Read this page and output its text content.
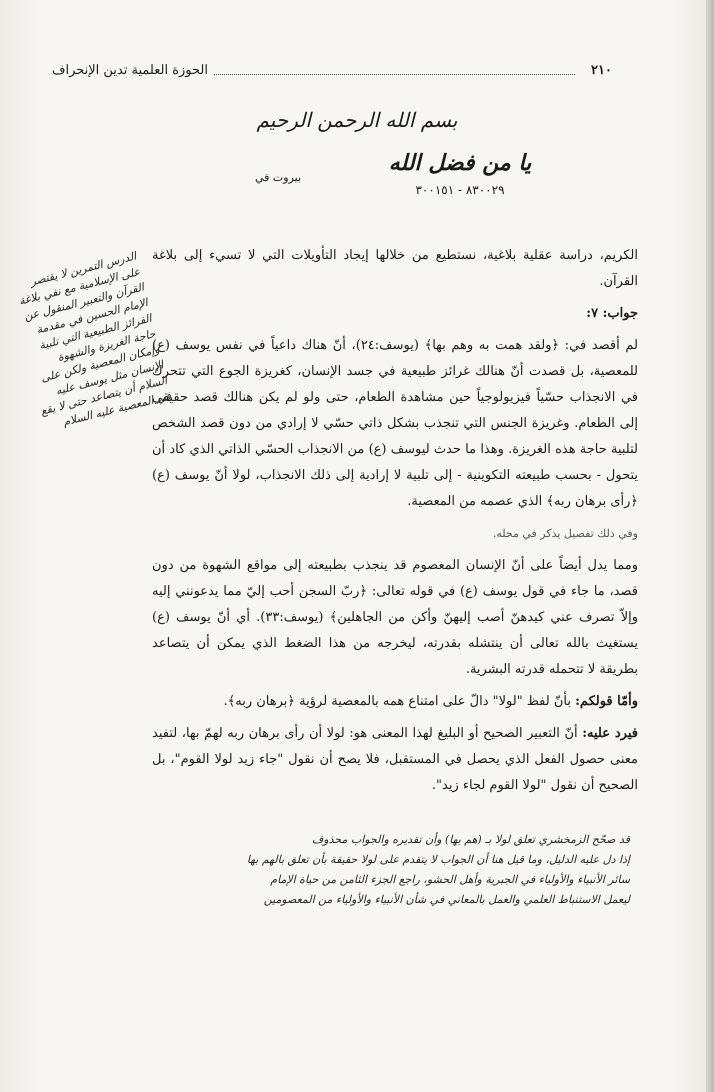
٢١٠
الحوزة العلمية تدين الإنحراف
بسم الله الرحمن الرحيم
يا من فضل الله
بيروت في
٨٣٠٠٢٩ - ٣٠٠١٥١

الكريم، دراسة عقلية بلاغية، نستطيع من خلالها إيجاد التأويلات التي لا تسيء إلى بلاغة القرآن.

جواب: ٧:

لم أقصد في: ﴿ولقد همت به وهم بها﴾ (يوسف:٢٤)، أنّ هناك داعياً في نفس يوسف (ع) للمعصية، بل قصدت أنّ هنالك غرائز طبيعية في جسد الإنسان، كغريزة الجوع التي تتحرك في الانجذاب حسّياً فيزيولوجياً حين مشاهدة الطعام، حتى ولو لم يكن هنالك قصد حقيقي إلى الطعام. وغريزة الجنس التي تنجذب بشكل ذاتي حسّي لا إرادي من دون قصد الشخص لتلبية حاجة هذه الغريزة. وهذا ما حدث ليوسف (ع) من الانجذاب الحسّي الذاتي الذي كاد أن يتحول - بحسب طبيعته التكوينية - إلى تلبية لا إرادية إلى ذلك الانجذاب، لولا أنّ يوسف (ع) ﴿رأى برهان ربه﴾ الذي عصمه من المعصية.

وفي ذلك تفصيل يذكر في محله.

ومما يدل أيضاً على أنّ الإنسان المعصوم قد ينجذب بطبيعته إلى مواقع الشهوة من دون قصد، ما جاء في قول يوسف (ع) في قوله تعالى: ﴿ربّ السجن أحب إليّ مما يدعونني إليه وإلاّ تصرف عني كيدهنّ أصب إليهنّ وأكن من الجاهلين﴾ (يوسف:٣٣). أي أنّ يوسف (ع) يستغيث بالله تعالى أن ينتشله بقدرته، ليخرجه من هذا الضغط الذي يمكن أن يتصاعد بطريقة لا تتحمله قدرته البشرية.

وأمّا قولكم: بأنّ لفظ "لولا" دالّ على امتناع همه بالمعصية لرؤية ﴿برهان ربه﴾.

فيرد عليه: أنّ التعبير الصحيح أو البليغ لهذا المعنى هو: لولا أن رأى برهان ربه لهمّ بها، لتفيد معنى حصول الفعل الذي يحصل في المستقبل، فلا يصح أن نقول "جاء زيد لولا القوم"، بل الصحيح أن نقول "لولا القوم لجاء زيد".

الدرس التمرين لا يقتصر على الإسلامية مع نفي بلاغة القرآن والتعبير المنقول عن الإمام الحسين في مقدمة الفرائز الطبيعية التي تلبية حاجة الغريزة والشهوة وإمكان المعصية ولكن على الإنسان مثل يوسف عليه السلام أن يتصاعد حتى لا يقع في المعصية عليه السلام
قد صحّح الزمخشري تعلق لولا بـ (هم بها) وأن تقديره والجواب محذوف
إذا دل عليه الدليل، وما قيل هنا أن الجواب لا يتقدم على لولا حقيقة بأن تعلق بالهم بها
سائر الأنبياء والأولياء في الجبرية وأهل الحشو، راجع الجزء الثامن من حياة الإمام
ليعمل الاستنباط العلمي والعمل بالمعاني في شأن الأنبياء والأولياء من المعصومين
